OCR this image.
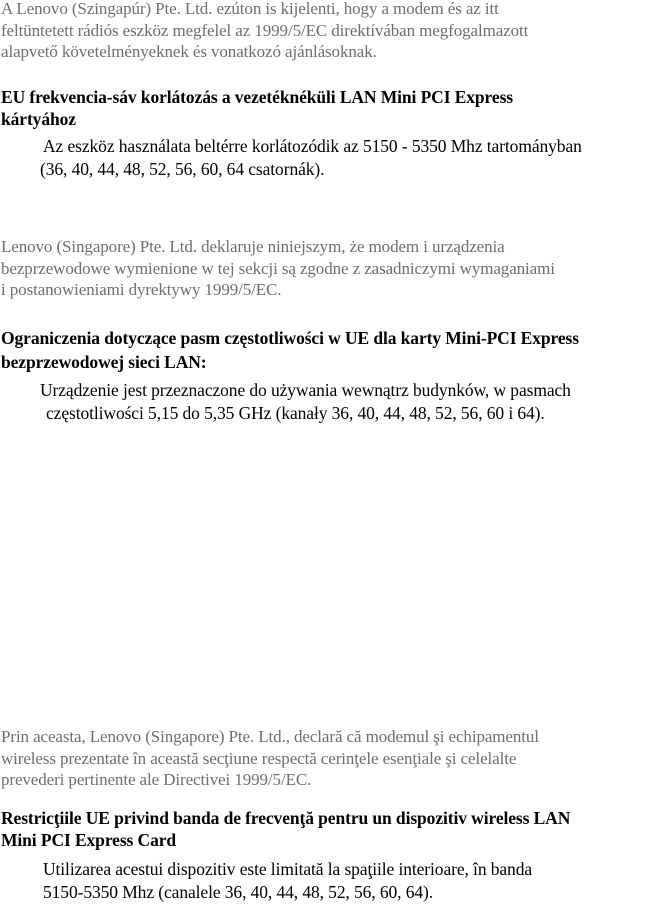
A Lenovo (Szingapúr) Pte. Ltd. ezúton is kijelenti, hogy a modem és az itt
feltüntetett rádiós eszköz megfelel az 1999/5/EC direktívában megfogalmazott
alapvető követelményeknek és vonatkozó ajánlásoknak.
EU frekvencia-sáv korlátozás a vezetéknéküli LAN Mini PCI Express
kártyához
Az eszköz használata beltérre korlátozódik az 5150 - 5350 Mhz tartományban
(36, 40, 44, 48, 52, 56, 60, 64 csatornák).
Lenovo (Singapore) Pte. Ltd. deklaruje niniejszym, że modem i urządzenia
bezprzewodowe wymienione w tej sekcji są zgodne z zasadniczymi wymaganiami
i postanowieniami dyrektywy 1999/5/EC.
Ograniczenia dotyczące pasm częstotliwości w UE dla karty Mini-PCI Express
bezprzewodowej sieci LAN:
Urządzenie jest przeznaczone do używania wewnątrz budynków, w pasmach
częstotliwości 5,15 do 5,35 GHz (kanały 36, 40, 44, 48, 52, 56, 60 i 64).
Prin aceasta, Lenovo (Singapore) Pte. Ltd., declară că modemul şi echipamentul
wireless prezentate în această secţiune respectă cerinţele esenţiale şi celelalte
prevederi pertinente ale Directivei 1999/5/EC.
Restricţiile UE privind banda de frecvenţă pentru un dispozitiv wireless LAN
Mini PCI Express Card
Utilizarea acestui dispozitiv este limitată la spaţiile interioare, în banda
5150-5350 Mhz (canalele 36, 40, 44, 48, 52, 56, 60, 64).
